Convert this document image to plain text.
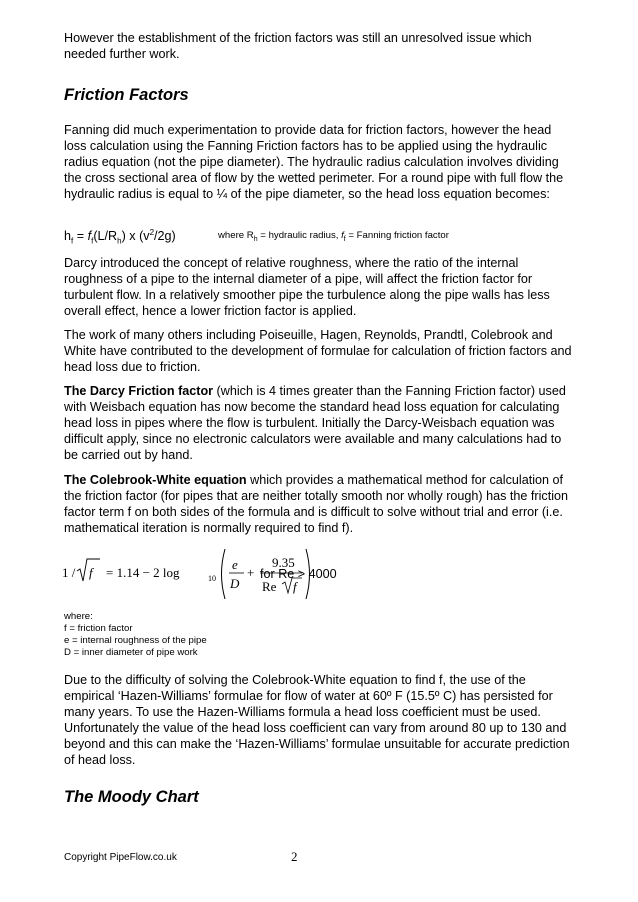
However the establishment of the friction factors was still an unresolved issue which needed further work.

Friction Factors

Fanning did much experimentation to provide data for friction factors, however the head loss calculation using the Fanning Friction factors has to be applied using the hydraulic radius equation (not the pipe diameter). The hydraulic radius calculation involves dividing the cross sectional area of flow by the wetted perimeter. For a round pipe with full flow the hydraulic radius is equal to ¼ of the pipe diameter, so the head loss equation becomes:

$h_f = f_f(L/R_h)$ x $(v^2/2g)$	where $R_h$ = hydraulic radius, $f_f$ = Fanning friction factor

Darcy introduced the concept of relative roughness, where the ratio of the internal roughness of a pipe to the internal diameter of a pipe, will affect the friction factor for turbulent flow. In a relatively smoother pipe the turbulence along the pipe walls has less overall effect, hence a lower friction factor is applied.

The work of many others including Poiseuille, Hagen, Reynolds, Prandtl, Colebrook and White have contributed to the development of formulae for calculation of friction factors and head loss due to friction.

The Darcy Friction factor (which is 4 times greater than the Fanning Friction factor) used with Weisbach equation has now become the standard head loss equation for calculating head loss in pipes where the flow is turbulent. Initially the Darcy-Weisbach equation was difficult apply, since no electronic calculators were available and many calculations had to be carried out by hand.

The Colebrook-White equation which provides a mathematical method for calculation of the friction factor (for pipes that are neither totally smooth nor wholly rough) has the friction factor term f on both sides of the formula and is difficult to solve without trial and error (i.e. mathematical iteration is normally required to find f).

1 / f = 1.14 − 2 log	10
e
D
+
9.35
Re f
for Re > 4000
where:
f = friction factor
e = internal roughness of the pipe
D = inner diameter of pipe work

Due to the difficulty of solving the Colebrook-White equation to find f, the use of the empirical ‘Hazen-Williams’ formulae for flow of water at 60º F (15.5º C) has persisted for many years. To use the Hazen-Williams formula a head loss coefficient must be used. Unfortunately the value of the head loss coefficient can vary from around 80 up to 130 and beyond and this can make the ‘Hazen-Williams’ formulae unsuitable for accurate prediction of head loss.

The Moody Chart
Copyright PipeFlow.co.uk	2
